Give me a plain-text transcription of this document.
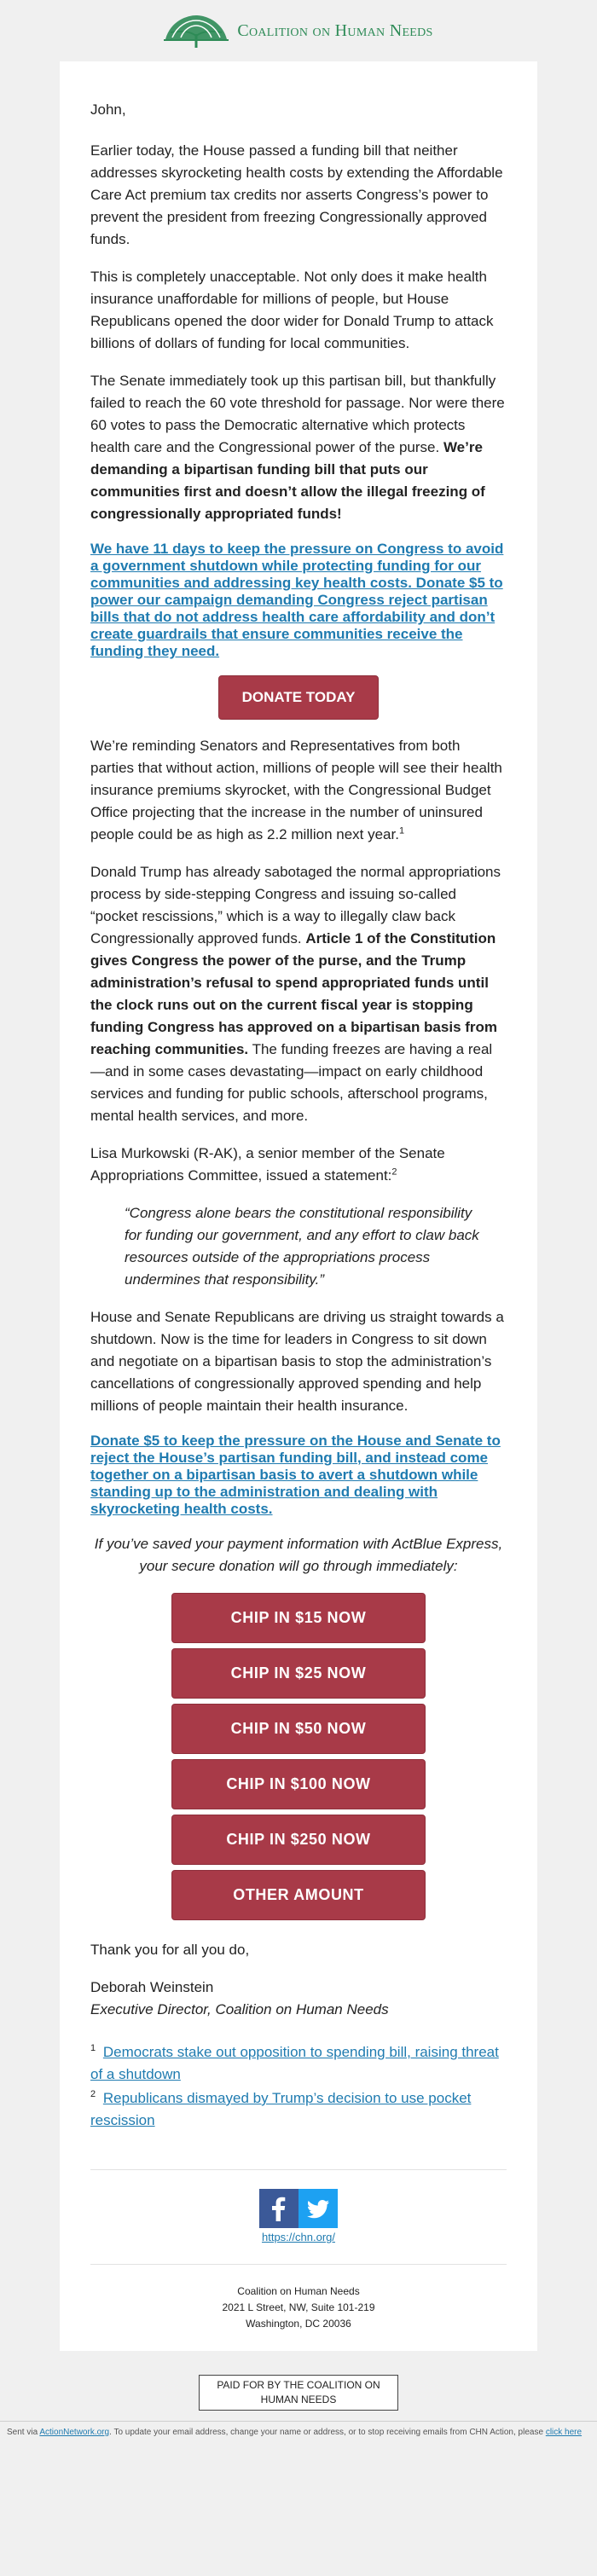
Coalition on Human Needs
John,
Earlier today, the House passed a funding bill that neither addresses skyrocketing health costs by extending the Affordable Care Act premium tax credits nor asserts Congress’s power to prevent the president from freezing Congressionally approved funds.
This is completely unacceptable. Not only does it make health insurance unaffordable for millions of people, but House Republicans opened the door wider for Donald Trump to attack billions of dollars of funding for local communities.
The Senate immediately took up this partisan bill, but thankfully failed to reach the 60 vote threshold for passage. Nor were there 60 votes to pass the Democratic alternative which protects health care and the Congressional power of the purse. We’re demanding a bipartisan funding bill that puts our communities first and doesn’t allow the illegal freezing of congressionally appropriated funds!
We have 11 days to keep the pressure on Congress to avoid a government shutdown while protecting funding for our communities and addressing key health costs. Donate $5 to power our campaign demanding Congress reject partisan bills that do not address health care affordability and don’t create guardrails that ensure communities receive the funding they need.
DONATE TODAY
We’re reminding Senators and Representatives from both parties that without action, millions of people will see their health insurance premiums skyrocket, with the Congressional Budget Office projecting that the increase in the number of uninsured people could be as high as 2.2 million next year.$^1$
Donald Trump has already sabotaged the normal appropriations process by side-stepping Congress and issuing so-called “pocket rescissions,” which is a way to illegally claw back Congressionally approved funds. Article 1 of the Constitution gives Congress the power of the purse, and the Trump administration’s refusal to spend appropriated funds until the clock runs out on the current fiscal year is stopping funding Congress has approved on a bipartisan basis from reaching communities. The funding freezes are having a real—and in some cases devastating—impact on early childhood services and funding for public schools, afterschool programs, mental health services, and more.
Lisa Murkowski (R-AK), a senior member of the Senate Appropriations Committee, issued a statement:$^2$
“Congress alone bears the constitutional responsibility for funding our government, and any effort to claw back resources outside of the appropriations process undermines that responsibility.”
House and Senate Republicans are driving us straight towards a shutdown. Now is the time for leaders in Congress to sit down and negotiate on a bipartisan basis to stop the administration’s cancellations of congressionally approved spending and help millions of people maintain their health insurance.
Donate $5 to keep the pressure on the House and Senate to reject the House’s partisan funding bill, and instead come together on a bipartisan basis to avert a shutdown while standing up to the administration and dealing with skyrocketing health costs.
If you’ve saved your payment information with ActBlue Express, your secure donation will go through immediately:
CHIP IN $15 NOW
CHIP IN $25 NOW
CHIP IN $50 NOW
CHIP IN $100 NOW
CHIP IN $250 NOW
OTHER AMOUNT
Thank you for all you do,
Deborah Weinstein
Executive Director, Coalition on Human Needs
$^1$ Democrats stake out opposition to spending bill, raising threat of a shutdown
$^2$ Republicans dismayed by Trump’s decision to use pocket rescission
https://chn.org/
Coalition on Human Needs
2021 L Street, NW, Suite 101-219
Washington, DC 20036
PAID FOR BY THE COALITION ON HUMAN NEEDS
Sent via ActionNetwork.org. To update your email address, change your name or address, or to stop receiving emails from CHN Action, please click here
